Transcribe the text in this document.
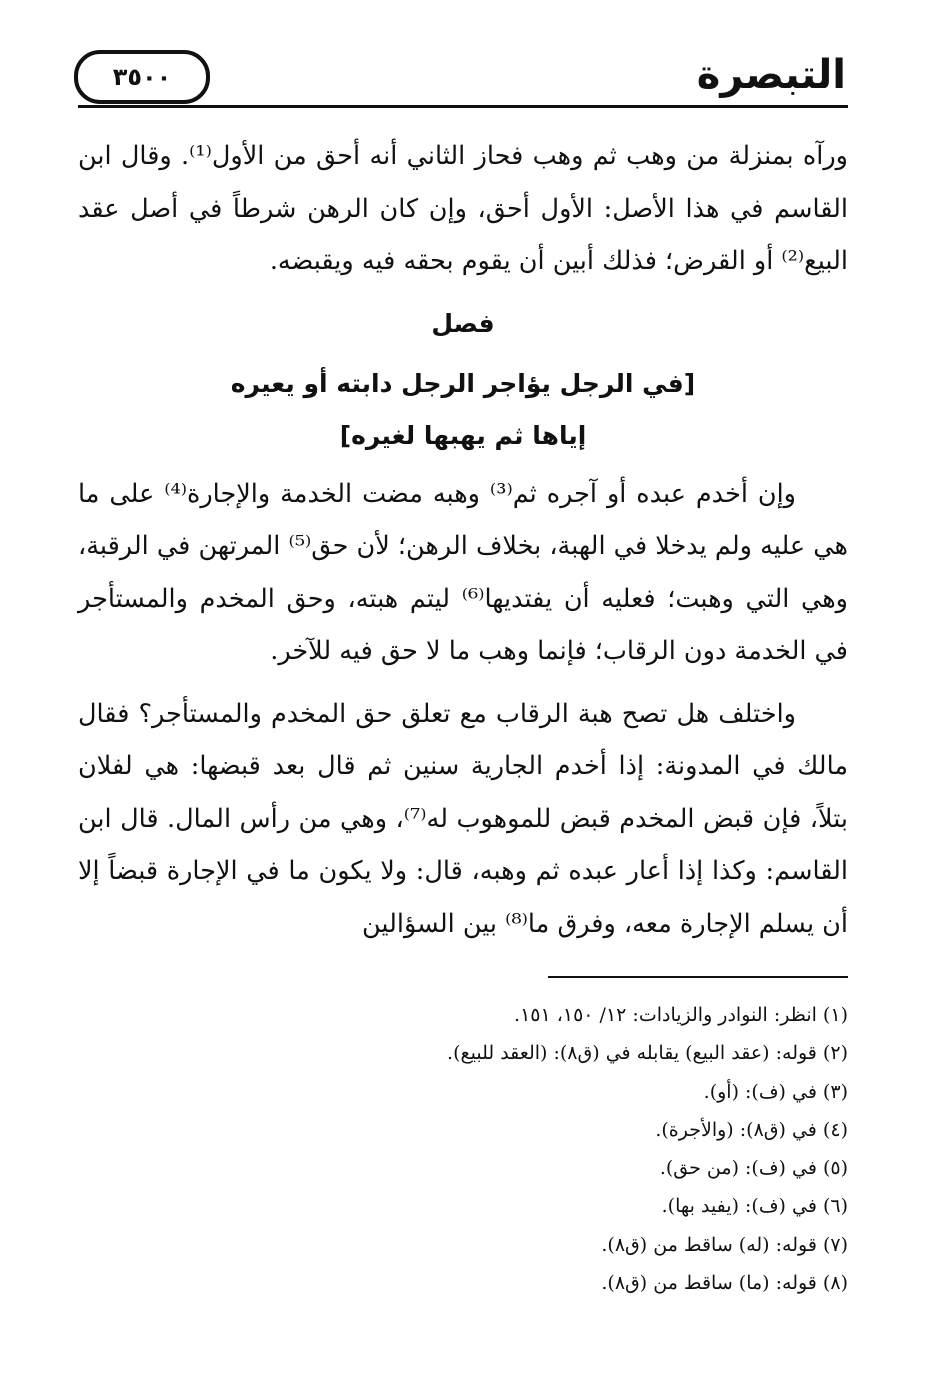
التبصرة
٣٥٠٠

ورآه بمنزلة من وهب ثم وهب فحاز الثاني أنه أحق من الأول⁽¹⁾. وقال ابن القاسم في هذا الأصل: الأول أحق، وإن كان الرهن شرطاً في أصل عقد البيع⁽²⁾ أو القرض؛ فذلك أبين أن يقوم بحقه فيه ويقبضه.

فصل

[في الرجل يؤاجر الرجل دابته أو يعيره

إياها ثم يهبها لغيره]

وإن أخدم عبده أو آجره ثم⁽³⁾ وهبه مضت الخدمة والإجارة⁽⁴⁾ على ما هي عليه ولم يدخلا في الهبة، بخلاف الرهن؛ لأن حق⁽⁵⁾ المرتهن في الرقبة، وهي التي وهبت؛ فعليه أن يفتديها⁽⁶⁾ ليتم هبته، وحق المخدم والمستأجر في الخدمة دون الرقاب؛ فإنما وهب ما لا حق فيه للآخر.

واختلف هل تصح هبة الرقاب مع تعلق حق المخدم والمستأجر؟ فقال مالك في المدونة: إذا أخدم الجارية سنين ثم قال بعد قبضها: هي لفلان بتلاً، فإن قبض المخدم قبض للموهوب له⁽⁷⁾، وهي من رأس المال. قال ابن القاسم: وكذا إذا أعار عبده ثم وهبه، قال: ولا يكون ما في الإجارة قبضاً إلا أن يسلم الإجارة معه، وفرق ما⁽⁸⁾ بين السؤالين

(١) انظر: النوادر والزيادات: ١٢/ ١٥٠، ١٥١.

(٢) قوله: (عقد البيع) يقابله في (ق٨): (العقد للبيع).

(٣) في (ف): (أو).

(٤) في (ق٨): (والأجرة).

(٥) في (ف): (من حق).

(٦) في (ف): (يفيد بها).

(٧) قوله: (له) ساقط من (ق٨).

(٨) قوله: (ما) ساقط من (ق٨).
